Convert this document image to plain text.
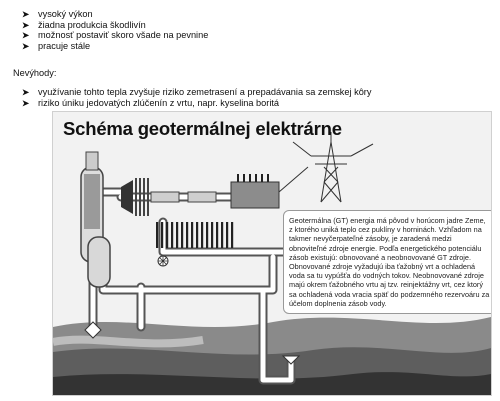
➤ vysoký výkon
➤ žiadna produkcia škodlivín
➤ možnosť postaviť skoro všade na pevnine
➤ pracuje stále
Nevýhody:
➤ využívanie tohto tepla zvyšuje riziko zemetrasení a prepadávania sa zemskej kôry
➤ riziko úniku jedovatých zlúčenín z vrtu, napr. kyselina boritá
Schéma geotermálnej elektrárne

Geotermálna (GT) energia má pôvod v horúcom jadre Zeme, z ktorého uniká teplo cez puklíny v horninách. Vzhľadom na takmer nevyčerpateľné zásoby, je zaradená medzi obnoviteľné zdroje energie. Podľa energetického potenciálu zásob existujú: obnovované a neobnovované GT zdroje.

Obnovované zdroje vyžadujú iba ťažobný vrt a ochladená voda sa tu vypúšťa do vodných tokov. Neobnovované zdroje majú okrem ťažobného vrtu aj tzv. reinjektážny vrt, cez ktorý sa ochladená voda vracia späť do podzemného rezervoáru za účelom doplnenia zásob vody.
